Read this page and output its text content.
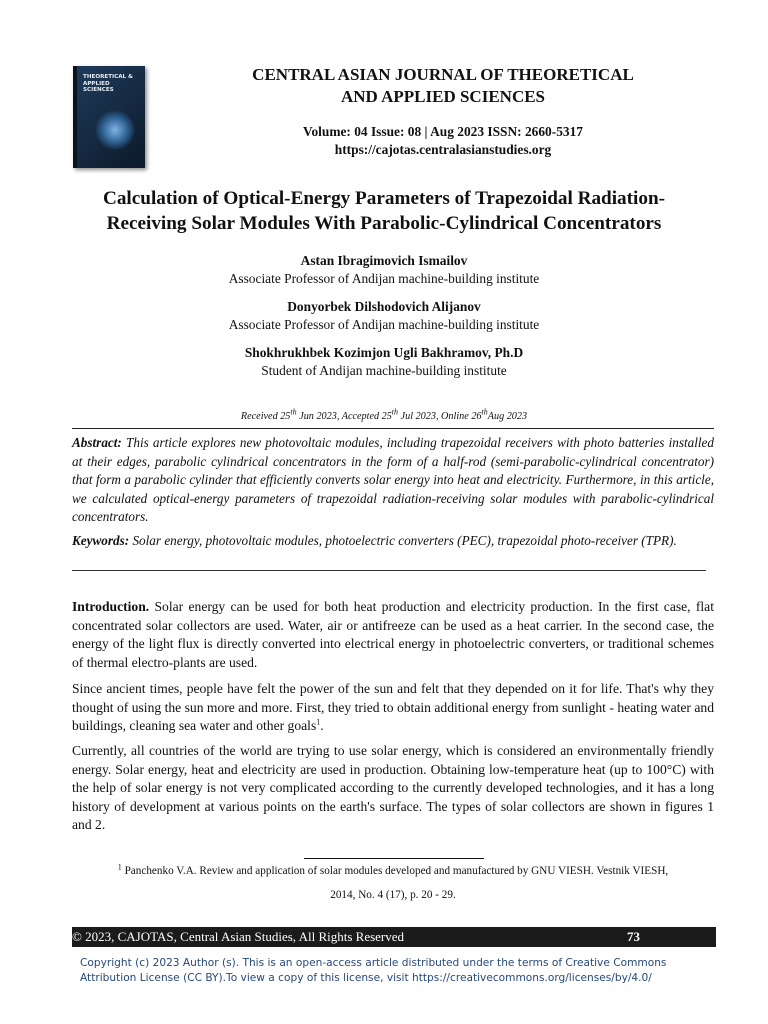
THEORETICAL & APPLIED SCIENCES
CENTRAL ASIAN JOURNAL OF THEORETICAL
AND APPLIED SCIENCES
Volume: 04 Issue: 08 | Aug 2023 ISSN: 2660-5317
https://cajotas.centralasianstudies.org
Calculation of Optical-Energy Parameters of Trapezoidal Radiation-
Receiving Solar Modules With Parabolic-Cylindrical Concentrators
Astan Ibragimovich Ismailov
Associate Professor of Andijan machine-building institute
Donyorbek Dilshodovich Alijanov
Associate Professor of Andijan machine-building institute
Shokhrukhbek Kozimjon Ugli Bakhramov, Ph.D
Student of Andijan machine-building institute
Received 25th Jun 2023, Accepted 25th Jul 2023, Online 26thAug 2023
Abstract: This article explores new photovoltaic modules, including trapezoidal receivers with photo batteries installed at their edges, parabolic cylindrical concentrators in the form of a half-rod (semi-parabolic-cylindrical concentrator) that form a parabolic cylinder that efficiently converts solar energy into heat and electricity. Furthermore, in this article, we calculated optical-energy parameters of trapezoidal radiation-receiving solar modules with parabolic-cylindrical concentrators.
Keywords: Solar energy, photovoltaic modules, photoelectric converters (PEC), trapezoidal photo-receiver (TPR).
Introduction. Solar energy can be used for both heat production and electricity production. In the first case, flat concentrated solar collectors are used. Water, air or antifreeze can be used as a heat carrier. In the second case, the energy of the light flux is directly converted into electrical energy in photoelectric converters, or traditional schemes of thermal electro-plants are used.
Since ancient times, people have felt the power of the sun and felt that they depended on it for life. That's why they thought of using the sun more and more. First, they tried to obtain additional energy from sunlight - heating water and buildings, cleaning sea water and other goals$^1$.
Currently, all countries of the world are trying to use solar energy, which is considered an environmentally friendly energy. Solar energy, heat and electricity are used in production. Obtaining low-temperature heat (up to 100°C) with the help of solar energy is not very complicated according to the currently developed technologies, and it has a long history of development at various points on the earth's surface. The types of solar collectors are shown in figures 1 and 2.
$^1$ Panchenko V.A. Review and application of solar modules developed and manufactured by GNU VIESH. Vestnik VIESH,
2014, No. 4 (17), p. 20 - 29.
© 2023, CAJOTAS, Central Asian Studies, All Rights Reserved	73
Copyright (c) 2023 Author (s). This is an open-access article distributed under the terms of Creative Commons
Attribution License (CC BY).To view a copy of this license, visit https://creativecommons.org/licenses/by/4.0/
